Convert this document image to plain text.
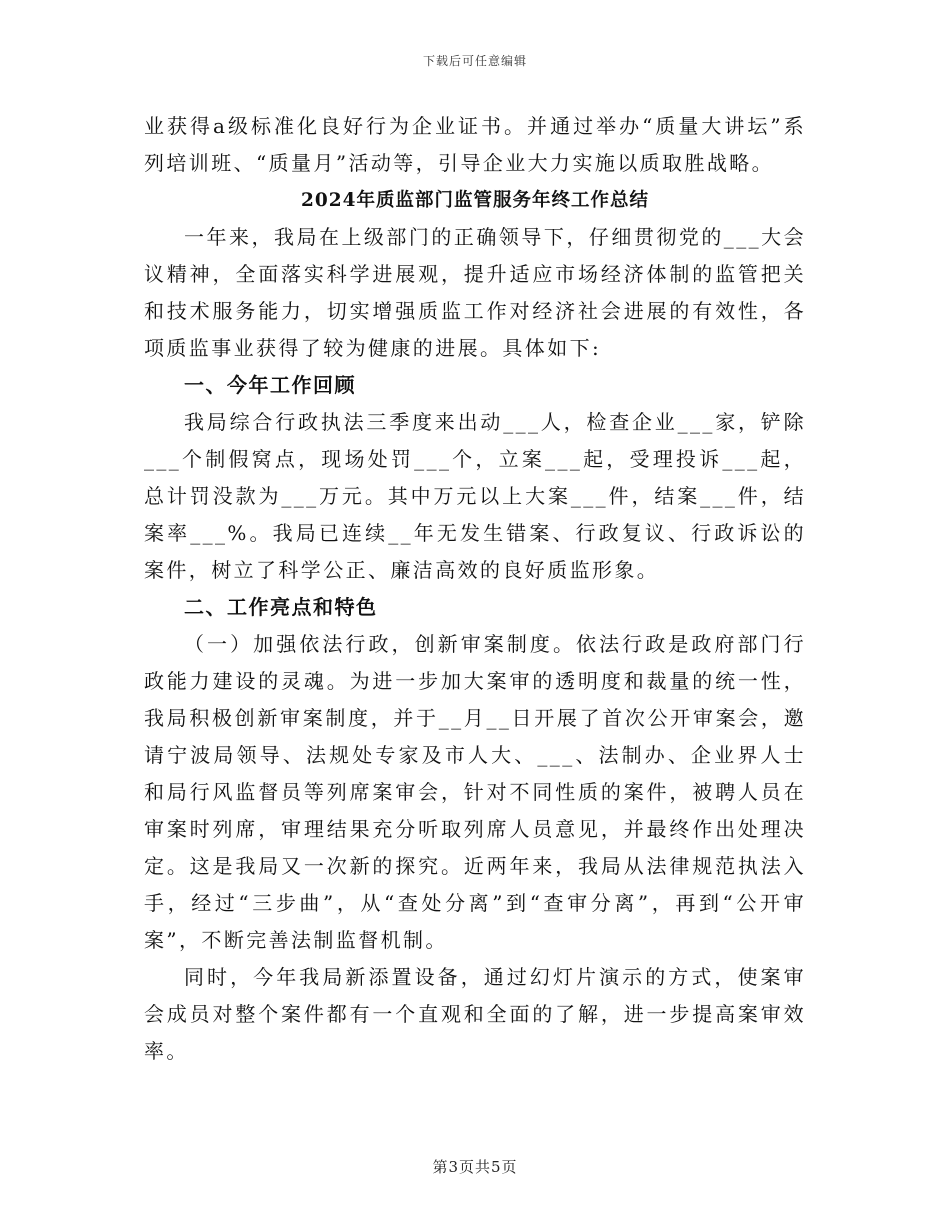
下载后可任意编辑

业获得a级标准化良好行为企业证书。并通过举办“质量大讲坛”系列培训班、“质量月”活动等，引导企业大力实施以质取胜战略。

2024年质监部门监管服务年终工作总结

一年来，我局在上级部门的正确领导下，仔细贯彻党的___大会议精神，全面落实科学进展观，提升适应市场经济体制的监管把关和技术服务能力，切实增强质监工作对经济社会进展的有效性，各项质监事业获得了较为健康的进展。具体如下:

一、今年工作回顾

我局综合行政执法三季度来出动___人，检查企业___家，铲除___个制假窝点，现场处罚___个，立案___起，受理投诉___起，总计罚没款为___万元。其中万元以上大案___件，结案___件，结案率___%。我局已连续__年无发生错案、行政复议、行政诉讼的案件，树立了科学公正、廉洁高效的良好质监形象。

二、工作亮点和特色

（一）加强依法行政，创新审案制度。依法行政是政府部门行政能力建设的灵魂。为进一步加大案审的透明度和裁量的统一性，我局积极创新审案制度，并于__月__日开展了首次公开审案会，邀请宁波局领导、法规处专家及市人大、___、法制办、企业界人士和局行风监督员等列席案审会，针对不同性质的案件，被聘人员在审案时列席，审理结果充分听取列席人员意见，并最终作出处理决定。这是我局又一次新的探究。近两年来，我局从法律规范执法入手，经过“三步曲”，从“查处分离”到“查审分离”，再到“公开审案”，不断完善法制监督机制。

同时，今年我局新添置设备，通过幻灯片演示的方式，使案审会成员对整个案件都有一个直观和全面的了解，进一步提高案审效率。

第3页共5页
